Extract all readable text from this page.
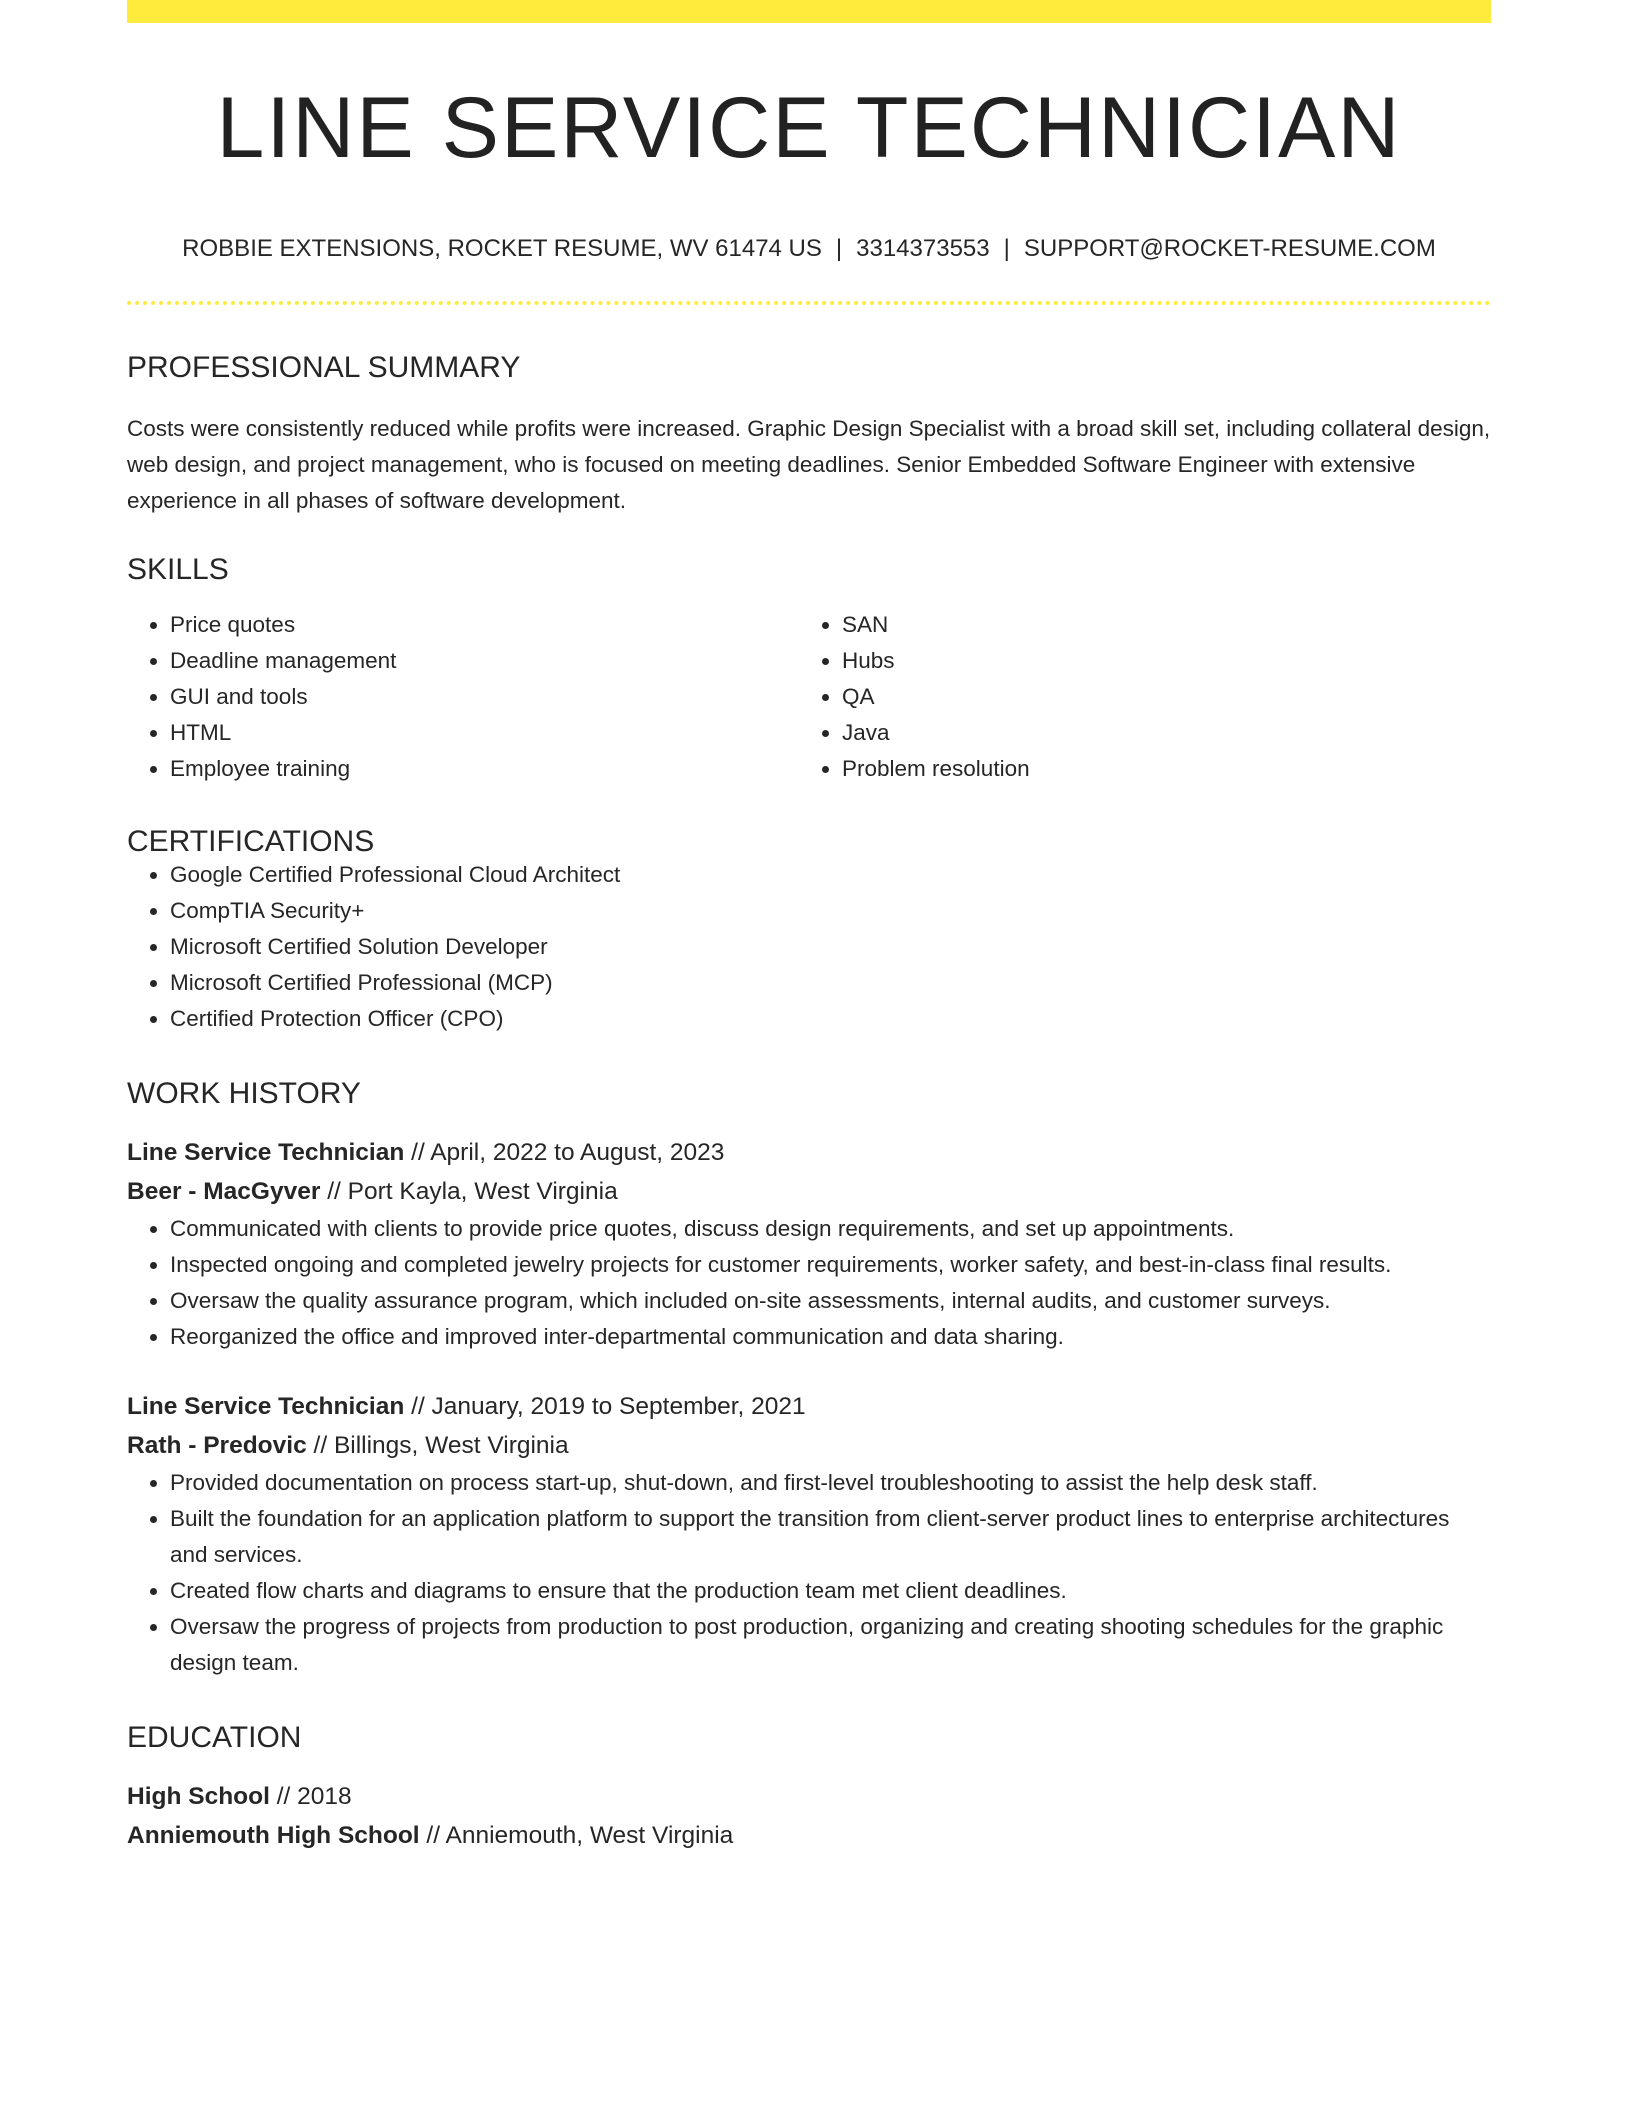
LINE SERVICE TECHNICIAN
ROBBIE EXTENSIONS, ROCKET RESUME, WV 61474 US | 3314373553 | SUPPORT@ROCKET-RESUME.COM
PROFESSIONAL SUMMARY
Costs were consistently reduced while profits were increased. Graphic Design Specialist with a broad skill set, including collateral design, web design, and project management, who is focused on meeting deadlines. Senior Embedded Software Engineer with extensive experience in all phases of software development.
SKILLS
• Price quotes
• Deadline management
• GUI and tools
• HTML
• Employee training
• SAN
• Hubs
• QA
• Java
• Problem resolution
CERTIFICATIONS
• Google Certified Professional Cloud Architect
• CompTIA Security+
• Microsoft Certified Solution Developer
• Microsoft Certified Professional (MCP)
• Certified Protection Officer (CPO)
WORK HISTORY
Line Service Technician // April, 2022 to August, 2023
Beer - MacGyver // Port Kayla, West Virginia
• Communicated with clients to provide price quotes, discuss design requirements, and set up appointments.
• Inspected ongoing and completed jewelry projects for customer requirements, worker safety, and best-in-class final results.
• Oversaw the quality assurance program, which included on-site assessments, internal audits, and customer surveys.
• Reorganized the office and improved inter-departmental communication and data sharing.
Line Service Technician // January, 2019 to September, 2021
Rath - Predovic // Billings, West Virginia
• Provided documentation on process start-up, shut-down, and first-level troubleshooting to assist the help desk staff.
• Built the foundation for an application platform to support the transition from client-server product lines to enterprise architectures and services.
• Created flow charts and diagrams to ensure that the production team met client deadlines.
• Oversaw the progress of projects from production to post production, organizing and creating shooting schedules for the graphic design team.
EDUCATION
High School // 2018
Anniemouth High School // Anniemouth, West Virginia
